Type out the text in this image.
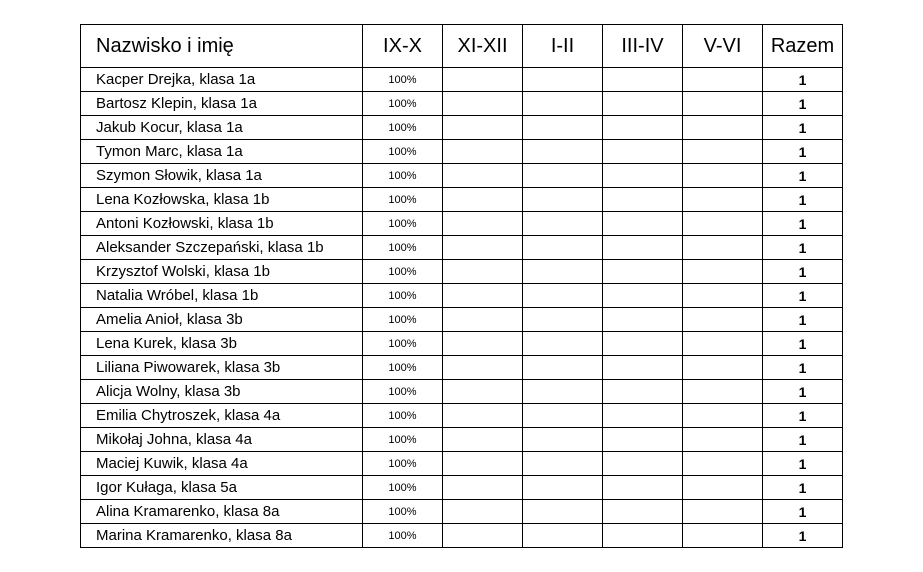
Nazwisko i imię	IX-X	XI-XII	I-II	III-IV	V-VI	Razem
Kacper Drejka, klasa 1a	100%					1
Bartosz Klepin, klasa 1a	100%					1
Jakub Kocur, klasa 1a	100%					1
Tymon Marc, klasa 1a	100%					1
Szymon Słowik, klasa 1a	100%					1
Lena Kozłowska, klasa 1b	100%					1
Antoni Kozłowski, klasa 1b	100%					1
Aleksander Szczepański, klasa 1b	100%					1
Krzysztof Wolski, klasa 1b	100%					1
Natalia Wróbel, klasa 1b	100%					1
Amelia Anioł, klasa 3b	100%					1
Lena Kurek, klasa 3b	100%					1
Liliana Piwowarek, klasa 3b	100%					1
Alicja Wolny, klasa 3b	100%					1
Emilia Chytroszek, klasa 4a	100%					1
Mikołaj Johna, klasa 4a	100%					1
Maciej Kuwik, klasa 4a	100%					1
Igor Kułaga, klasa 5a	100%					1
Alina Kramarenko, klasa 8a	100%					1
Marina Kramarenko, klasa 8a	100%					1
